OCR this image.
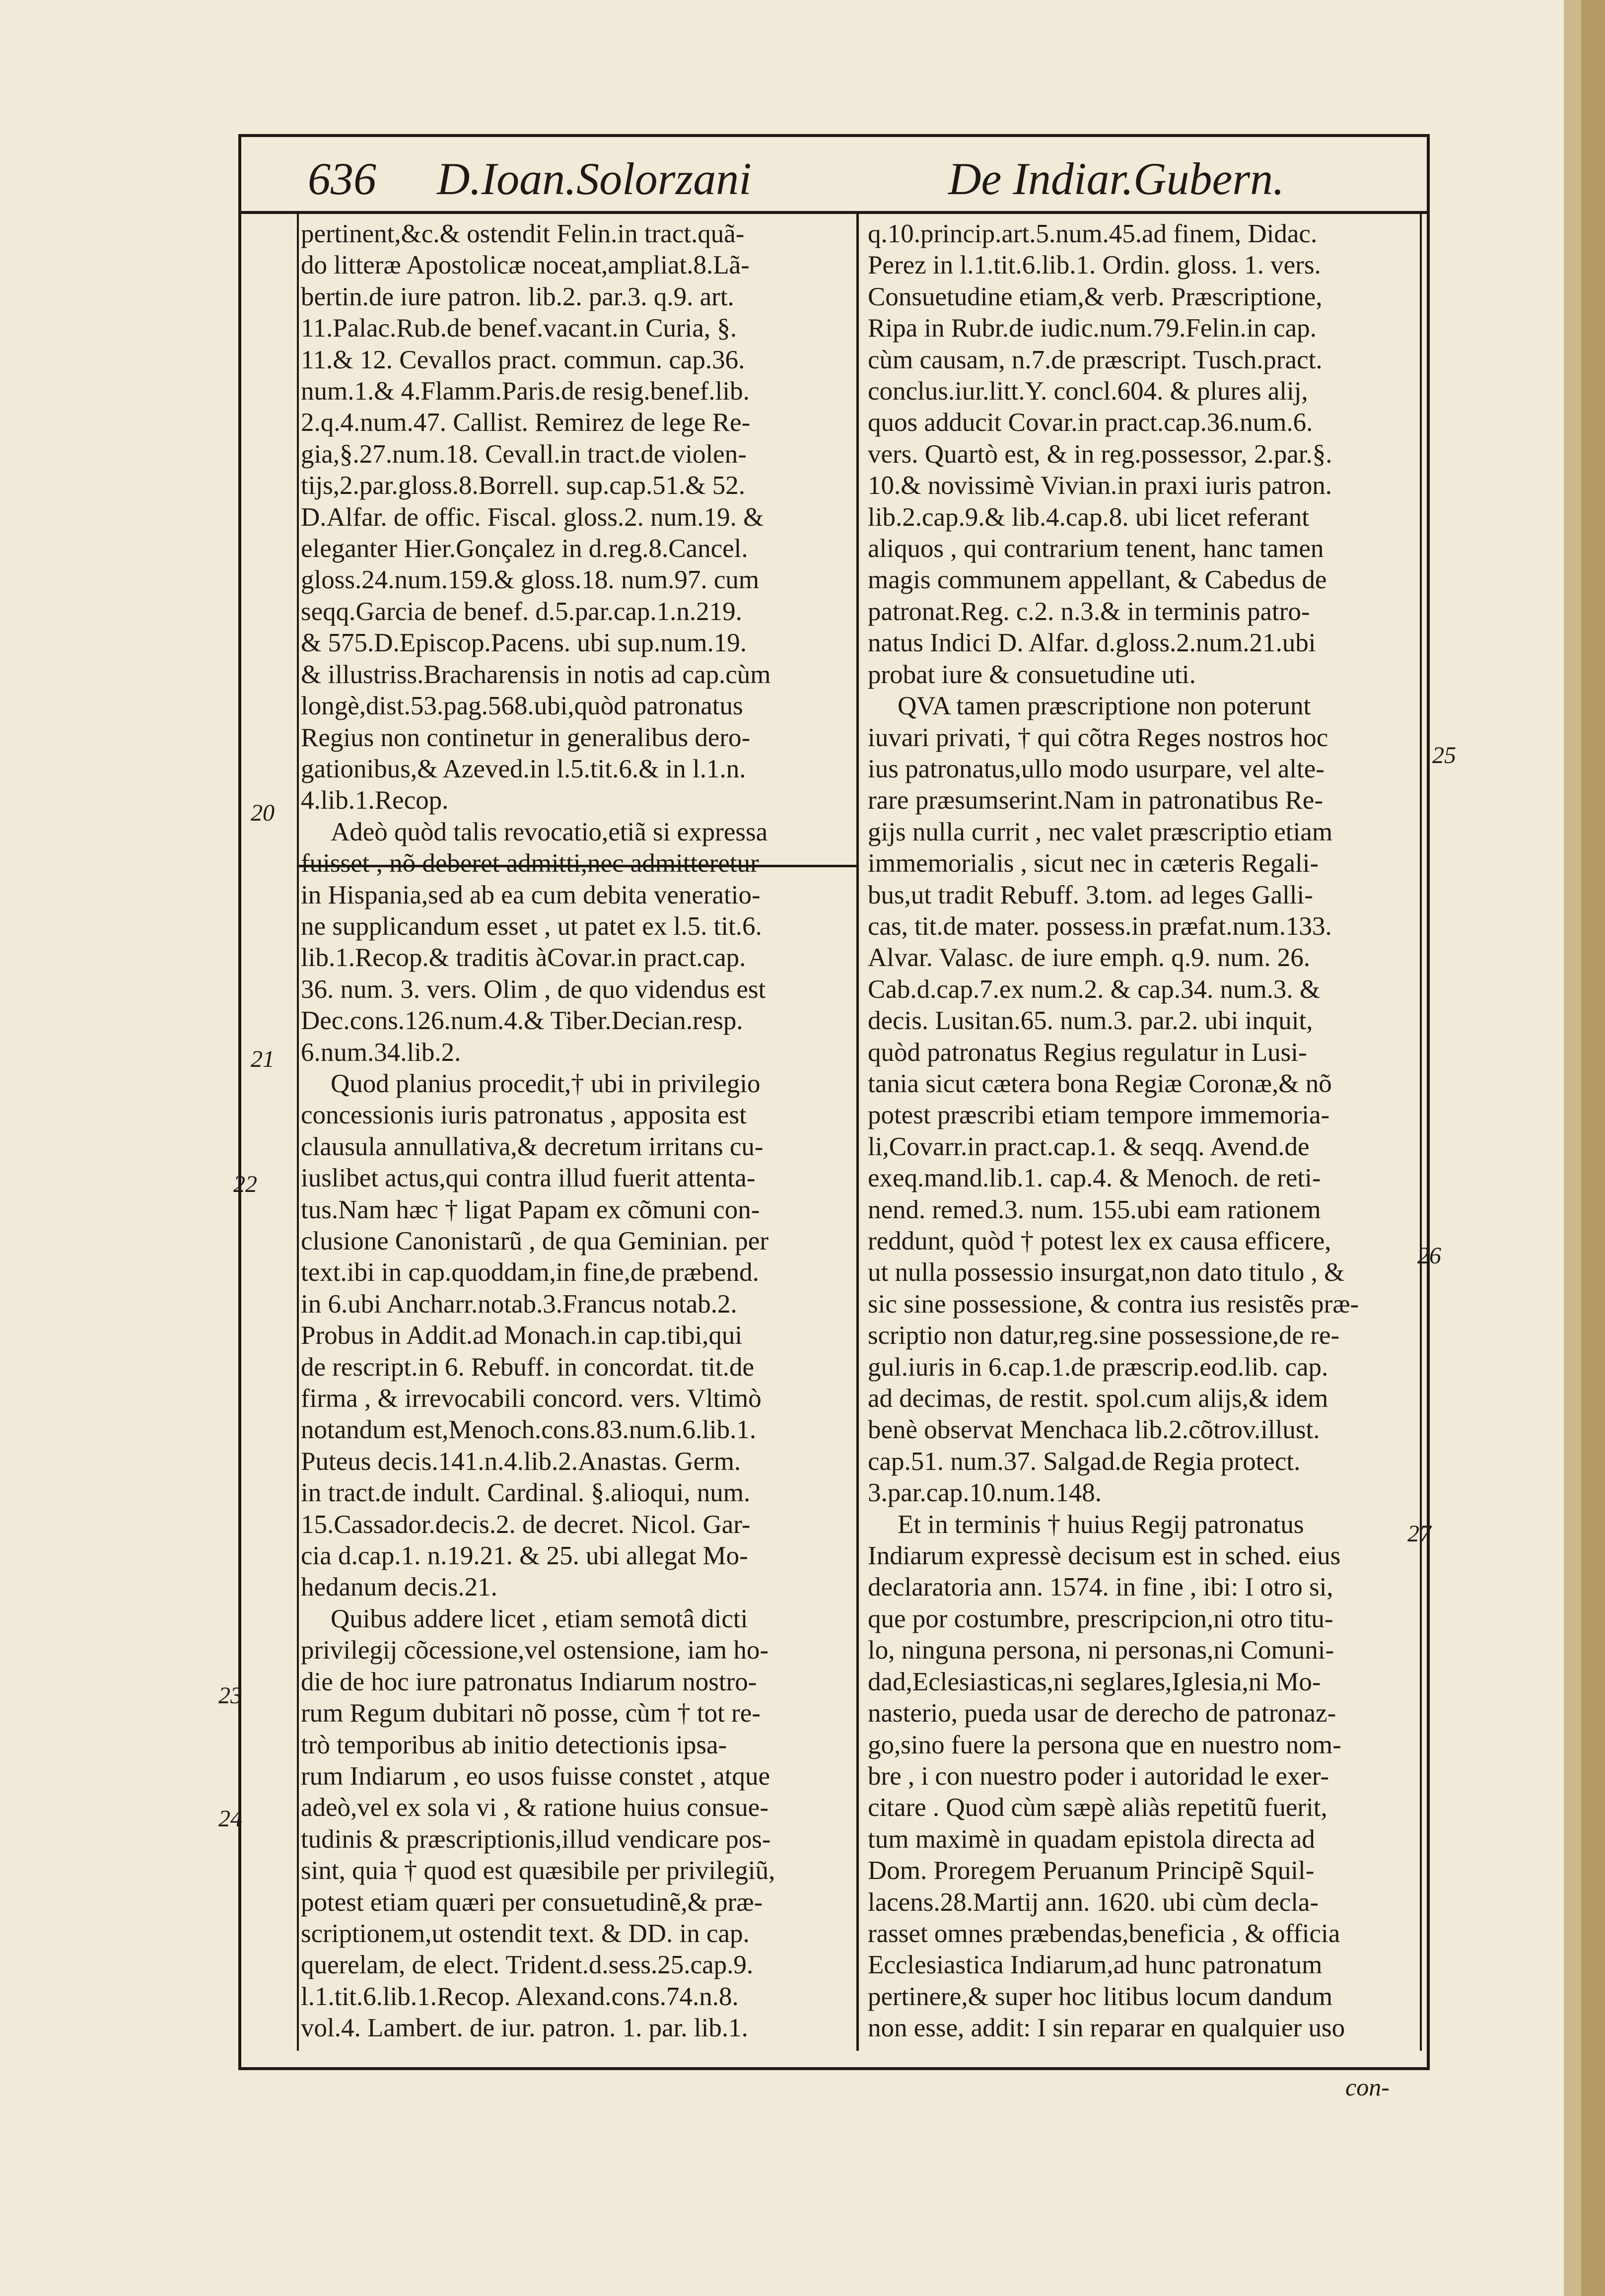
636 D.Ioan.Solorzani	De Indiar.Gubern.

pertinent,&c.& ostendit Felin.in tract.quã-

do litteræ Apostolicæ noceat,ampliat.8.Lã-

bertin.de iure patron. lib.2. par.3. q.9. art.

11.Palac.Rub.de benef.vacant.in Curia, §.

11.& 12. Cevallos pract. commun. cap.36.

num.1.& 4.Flamm.Paris.de resig.benef.lib.

2.q.4.num.47. Callist. Remirez de lege Re-

gia,§.27.num.18. Cevall.in tract.de violen-

tijs,2.par.gloss.8.Borrell. sup.cap.51.& 52.

D.Alfar. de offic. Fiscal. gloss.2. num.19. &

eleganter Hier.Gonçalez in d.reg.8.Cancel.

gloss.24.num.159.& gloss.18. num.97. cum

seqq.Garcia de benef. d.5.par.cap.1.n.219.

& 575.D.Episcop.Pacens. ubi sup.num.19.

& illustriss.Bracharensis in notis ad cap.cùm

longè,dist.53.pag.568.ubi,quòd patronatus

Regius non continetur in generalibus dero-

gationibus,& Azeved.in l.5.tit.6.& in l.1.n.

4.lib.1.Recop.

Adeò quòd talis revocatio,etiã si expressa

fuisset , nõ deberet admitti,nec admitteretur

in Hispania,sed ab ea cum debita veneratio-

ne supplicandum esset , ut patet ex l.5. tit.6.

lib.1.Recop.& traditis àCovar.in pract.cap.

36. num. 3. vers. Olim , de quo videndus est

Dec.cons.126.num.4.& Tiber.Decian.resp.

6.num.34.lib.2.

Quod planius procedit,† ubi in privilegio

concessionis iuris patronatus , apposita est

clausula annullativa,& decretum irritans cu-

iuslibet actus,qui contra illud fuerit attenta-

tus.Nam hæc † ligat Papam ex cõmuni con-

clusione Canonistarũ , de qua Geminian. per

text.ibi in cap.quoddam,in fine,de præbend.

in 6.ubi Ancharr.notab.3.Francus notab.2.

Probus in Addit.ad Monach.in cap.tibi,qui

de rescript.in 6. Rebuff. in concordat. tit.de

firma , & irrevocabili concord. vers. Vltimò

notandum est,Menoch.cons.83.num.6.lib.1.

Puteus decis.141.n.4.lib.2.Anastas. Germ.

in tract.de indult. Cardinal. §.alioqui, num.

15.Cassador.decis.2. de decret. Nicol. Gar-

cia d.cap.1. n.19.21. & 25. ubi allegat Mo-

hedanum decis.21.

Quibus addere licet , etiam semotâ dicti

privilegij cõcessione,vel ostensione, iam ho-

die de hoc iure patronatus Indiarum nostro-

rum Regum dubitari nõ posse, cùm † tot re-

trò temporibus ab initio detectionis ipsa-

rum Indiarum , eo usos fuisse constet , atque

adeò,vel ex sola vi , & ratione huius consue-

tudinis & præscriptionis,illud vendicare pos-

sint, quia † quod est quæsibile per privilegiũ,

potest etiam quæri per consuetudinẽ,& præ-

scriptionem,ut ostendit text. & DD. in cap.

querelam, de elect. Trident.d.sess.25.cap.9.

l.1.tit.6.lib.1.Recop. Alexand.cons.74.n.8.

vol.4. Lambert. de iur. patron. 1. par. lib.1.

q.10.princip.art.5.num.45.ad finem, Didac.

Perez in l.1.tit.6.lib.1. Ordin. gloss. 1. vers.

Consuetudine etiam,& verb. Præscriptione,

Ripa in Rubr.de iudic.num.79.Felin.in cap.

cùm causam, n.7.de præscript. Tusch.pract.

conclus.iur.litt.Y. concl.604. & plures alij,

quos adducit Covar.in pract.cap.36.num.6.

vers. Quartò est, & in reg.possessor, 2.par.§.

10.& novissimè Vivian.in praxi iuris patron.

lib.2.cap.9.& lib.4.cap.8. ubi licet referant

aliquos , qui contrarium tenent, hanc tamen

magis communem appellant, & Cabedus de

patronat.Reg. c.2. n.3.& in terminis patro-

natus Indici D. Alfar. d.gloss.2.num.21.ubi

probat iure & consuetudine uti.

QVA tamen præscriptione non poterunt

iuvari privati, † qui cõtra Reges nostros hoc

ius patronatus,ullo modo usurpare, vel alte-

rare præsumserint.Nam in patronatibus Re-

gijs nulla currit , nec valet præscriptio etiam

immemorialis , sicut nec in cæteris Regali-

bus,ut tradit Rebuff. 3.tom. ad leges Galli-

cas, tit.de mater. possess.in præfat.num.133.

Alvar. Valasc. de iure emph. q.9. num. 26.

Cab.d.cap.7.ex num.2. & cap.34. num.3. &

decis. Lusitan.65. num.3. par.2. ubi inquit,

quòd patronatus Regius regulatur in Lusi-

tania sicut cætera bona Regiæ Coronæ,& nõ

potest præscribi etiam tempore immemoria-

li,Covarr.in pract.cap.1. & seqq. Avend.de

exeq.mand.lib.1. cap.4. & Menoch. de reti-

nend. remed.3. num. 155.ubi eam rationem

reddunt, quòd † potest lex ex causa efficere,

ut nulla possessio insurgat,non dato titulo , &

sic sine possessione, & contra ius resistẽs præ-

scriptio non datur,reg.sine possessione,de re-

gul.iuris in 6.cap.1.de præscrip.eod.lib. cap.

ad decimas, de restit. spol.cum alijs,& idem

benè observat Menchaca lib.2.cõtrov.illust.

cap.51. num.37. Salgad.de Regia protect.

3.par.cap.10.num.148.

Et in terminis † huius Regij patronatus

Indiarum expressè decisum est in sched. eius

declaratoria ann. 1574. in fine , ibi: I otro si,

que por costumbre, prescripcion,ni otro titu-

lo, ninguna persona, ni personas,ni Comuni-

dad,Eclesiasticas,ni seglares,Iglesia,ni Mo-

nasterio, pueda usar de derecho de patronaz-

go,sino fuere la persona que en nuestro nom-

bre , i con nuestro poder i autoridad le exer-

citare . Quod cùm sæpè aliàs repetitũ fuerit,

tum maximè in quadam epistola directa ad

Dom. Proregem Peruanum Principẽ Squil-

lacens.28.Martij ann. 1620. ubi cùm decla-

rasset omnes præbendas,beneficia , & officia

Ecclesiastica Indiarum,ad hunc patronatum

pertinere,& super hoc litibus locum dandum

non esse, addit: I sin reparar en qualquier uso

20
21
22
23
24
25
26
27
con-
